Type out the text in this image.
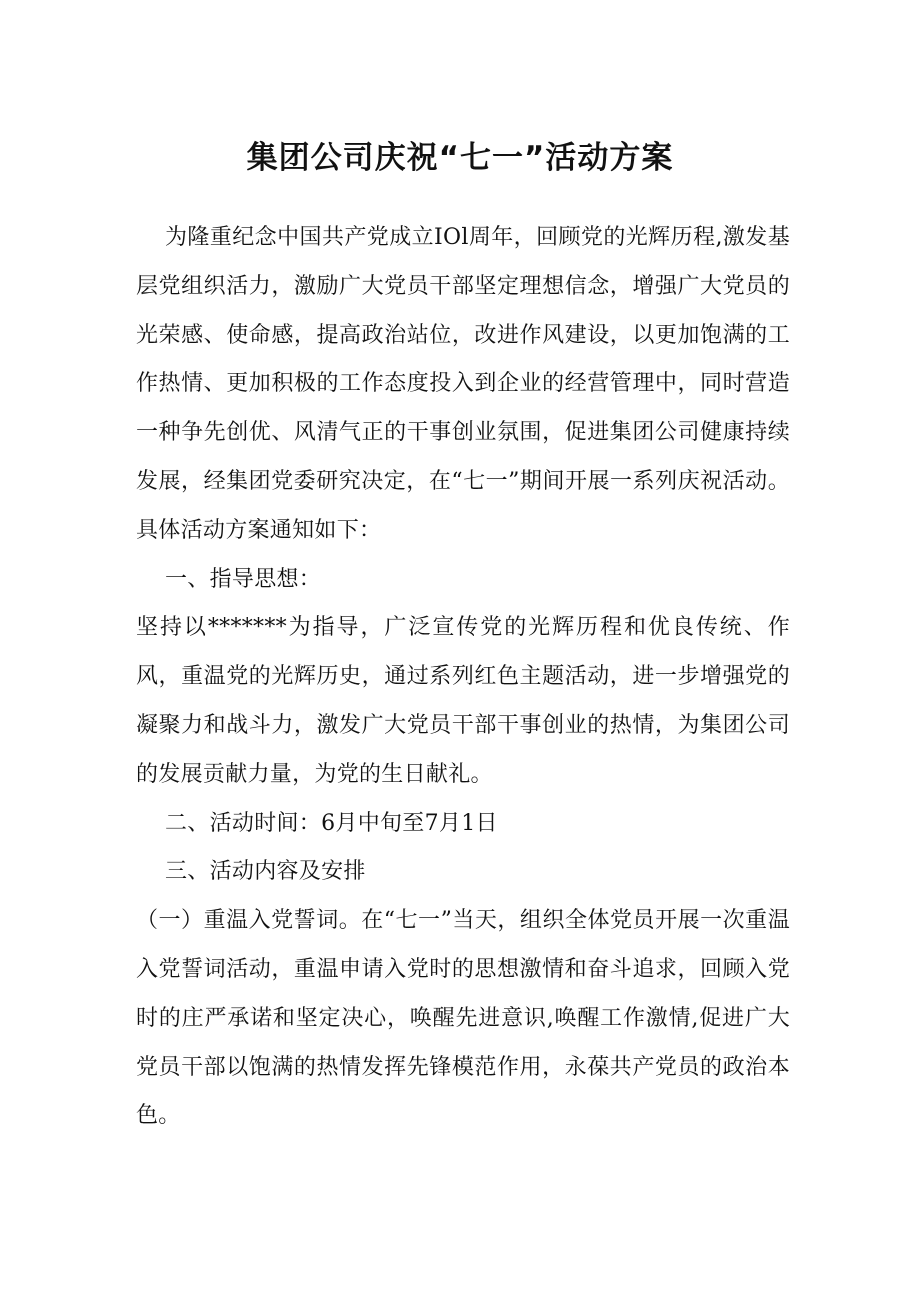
集团公司庆祝“七一”活动方案

为隆重纪念中国共产党成立IOl周年，回顾党的光辉历程,激发基层党组织活力，激励广大党员干部坚定理想信念，增强广大党员的光荣感、使命感，提高政治站位，改进作风建设，以更加饱满的工作热情、更加积极的工作态度投入到企业的经营管理中，同时营造一种争先创优、风清气正的干事创业氛围，促进集团公司健康持续发展，经集团党委研究决定，在“七一”期间开展一系列庆祝活动。具体活动方案通知如下：

一、指导思想：

坚持以*******为指导，广泛宣传党的光辉历程和优良传统、作风，重温党的光辉历史，通过系列红色主题活动，进一步增强党的凝聚力和战斗力，激发广大党员干部干事创业的热情，为集团公司的发展贡献力量，为党的生日献礼。

二、活动时间：6月中旬至7月1日

三、活动内容及安排

（一）重温入党誓词。在“七一”当天，组织全体党员开展一次重温入党誓词活动，重温申请入党时的思想激情和奋斗追求，回顾入党时的庄严承诺和坚定决心，唤醒先进意识,唤醒工作激情,促进广大党员干部以饱满的热情发挥先锋模范作用，永葆共产党员的政治本色。
